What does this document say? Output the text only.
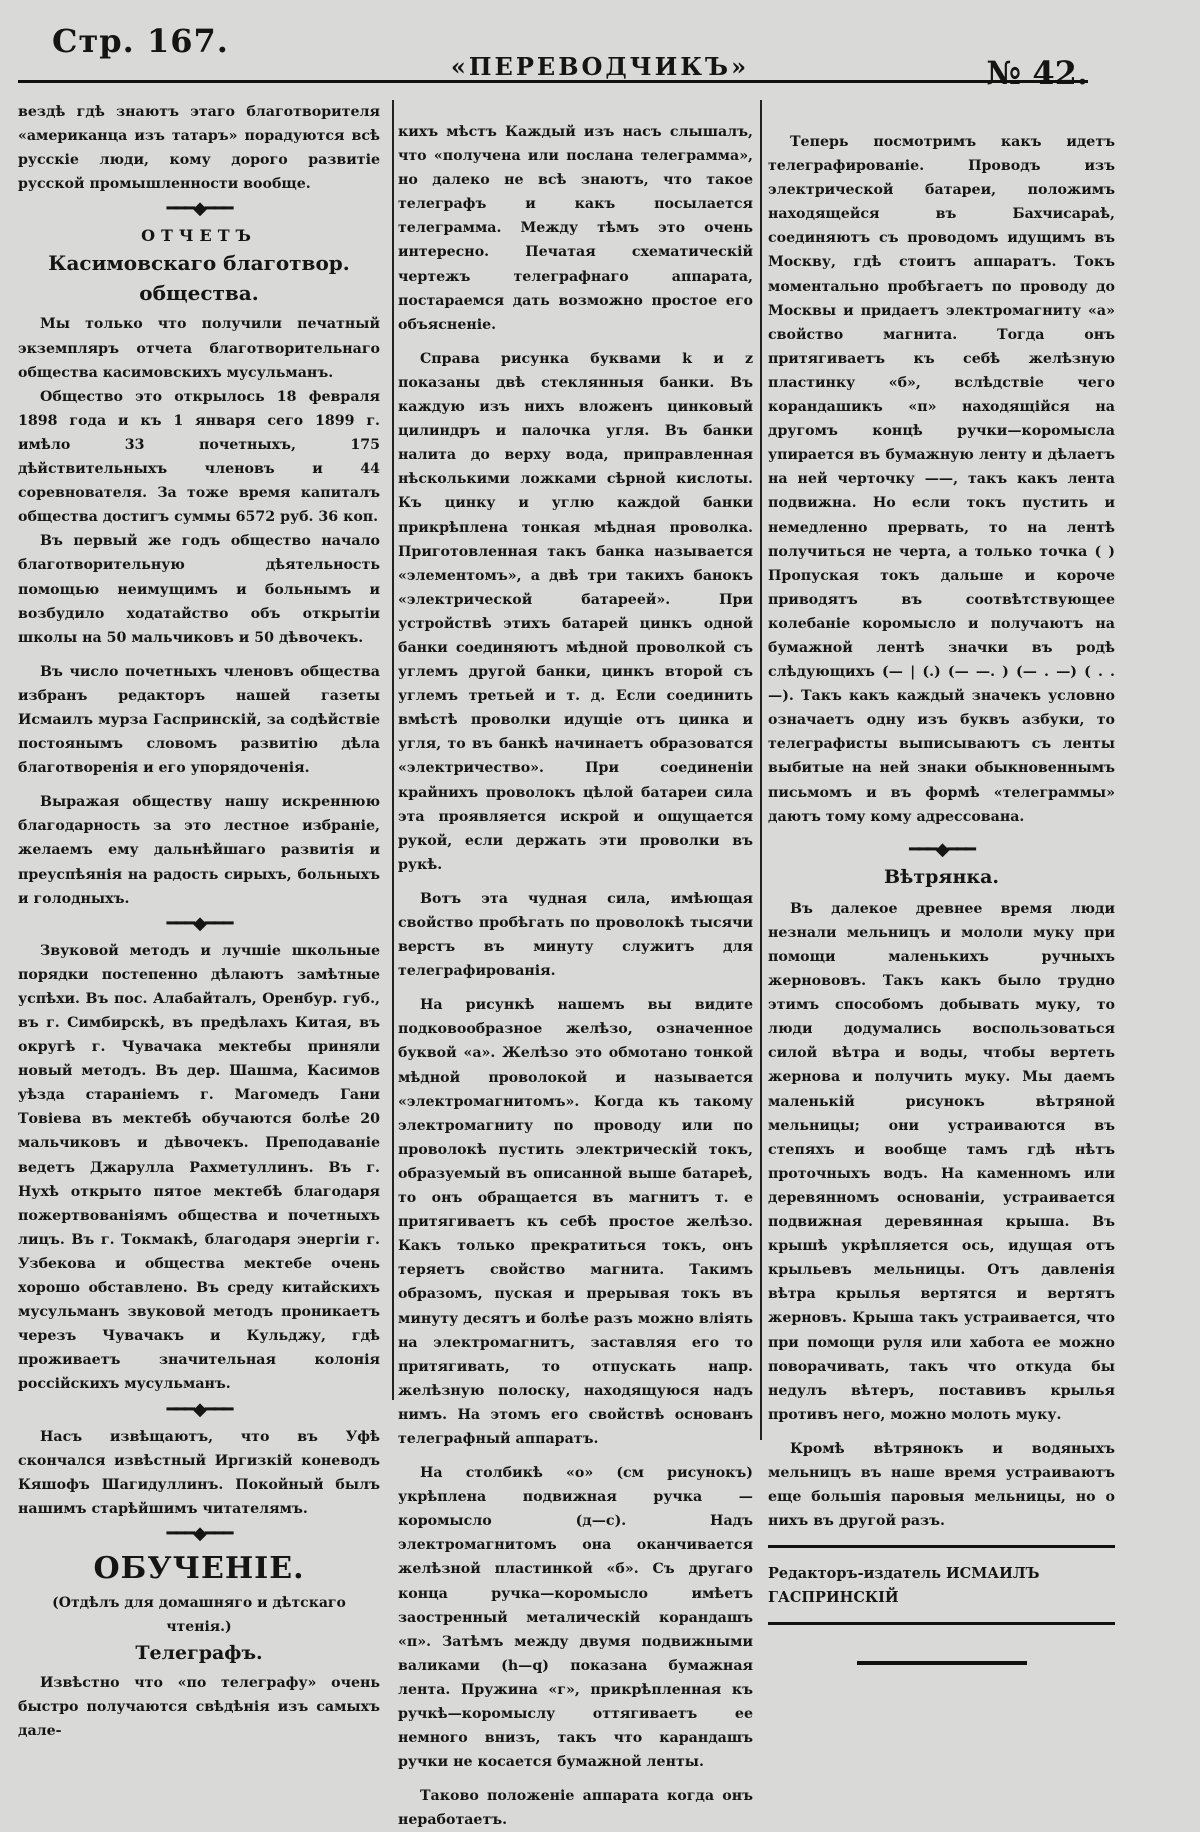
Стр. 167.
«ПЕРЕВОДЧИКЪ»	№ 42.

вездѣ гдѣ знаютъ этаго благотворителя «американца изъ татаръ» порадуются всѣ русскіе люди, кому дорого развитіе русской промышленности вообще.

━━━◆━━━
ОТЧЕТЪ
Касимовскаго благотвор. общества.

Мы только что получили печатный экземпляръ отчета благотворительнаго общества касимовскихъ мусульманъ.

Общество это открылось 18 февраля 1898 года и къ 1 января сего 1899 г. имѣло 33 почетныхъ, 175 дѣйствительныхъ членовъ и 44 соревнователя. За тоже время капиталъ общества достигъ суммы 6572 руб. 36 коп.

Въ первый же годъ общество начало благотворительную дѣятельность помощью неимущимъ и больнымъ и возбудило ходатайство объ открытіи школы на 50 мальчиковъ и 50 дѣвочекъ.

Въ число почетныхъ членовъ общества избранъ редакторъ нашей газеты Исмаилъ мурза Гаспринскій, за содѣйствіе постоянымъ словомъ развитію дѣла благотворенія и его упорядоченія.

Выражая обществу нашу искреннюю благодарность за это лестное избраніе, желаемъ ему дальнѣйшаго развитія и преуспѣянія на радость сирыхъ, больныхъ и голодныхъ.

━━━◆━━━

Звуковой методъ и лучшіе школьные порядки постепенно дѣлаютъ замѣтные успѣхи. Въ пос. Алабайталъ, Оренбур. губ., въ г. Симбирскѣ, въ предѣлахъ Китая, въ округѣ г. Чувачака мектебы приняли новый методъ. Въ дер. Шашма, Касимов уѣзда стараніемъ г. Магомедъ Гани Товіева въ мектебѣ обучаются болѣе 20 мальчиковъ и дѣвочекъ. Преподаваніе ведетъ Джарулла Рахметуллинъ. Въ г. Нухѣ открыто пятое мектебѣ благодаря пожертвованіямъ общества и почетныхъ лицъ. Въ г. Токмакѣ, благодаря энергіи г. Узбекова и общества мектебе очень хорошо обставлено. Въ среду китайскихъ мусульманъ звуковой методъ проникаетъ черезъ Чувачакъ и Кульджу, гдѣ проживаетъ значительная колонія россійскихъ мусульманъ.

━━━◆━━━

Насъ извѣщаютъ, что въ Уфѣ скончался извѣстный Иргизкій коневодъ Кяшофъ Шагидуллинъ. Покойный былъ нашимъ старѣйшимъ читателямъ.

━━━◆━━━
ОБУЧЕНІЕ.
(Отдѣлъ для домашняго и дѣтскаго чтенія.)
Телеграфъ.

Извѣстно что «по телеграфу» очень быстро получаются свѣдѣнія изъ самыхъ дале-

кихъ мѣстъ Каждый изъ насъ слышалъ, что «получена или послана телеграмма», но далеко не всѣ знаютъ, что такое телеграфъ и какъ посылается телеграмма. Между тѣмъ это очень интересно. Печатая схематическій чертежъ телеграфнаго аппарата, постараемся дать возможно простое его объясненіе.

Справа рисунка буквами k и z показаны двѣ стеклянныя банки. Въ каждую изъ нихъ вложенъ цинковый цилиндръ и палочка угля. Въ банки налита до верху вода, приправленная нѣсколькими ложками сѣрной кислоты. Къ цинку и углю каждой банки прикрѣплена тонкая мѣдная проволка. Приготовленная такъ банка называется «элементомъ», а двѣ три такихъ банокъ «электрической батареей». При устройствѣ этихъ батарей цинкъ одной банки соединяютъ мѣдной проволкой съ углемъ другой банки, цинкъ второй съ углемъ третьей и т. д. Если соединить вмѣстѣ проволки идущіе отъ цинка и угля, то въ банкѣ начинаетъ образоватся «электричество». При соединеніи крайнихъ проволокъ цѣлой батареи сила эта проявляется искрой и ощущается рукой, если держать эти проволки въ рукѣ.

Вотъ эта чудная сила, имѣющая свойство пробѣгать по проволокѣ тысячи верстъ въ минуту служитъ для телеграфированія.

На рисункѣ нашемъ вы видите подковообразное желѣзо, означенное буквой «а». Желѣзо это обмотано тонкой мѣдной проволокой и называется «электромагнитомъ». Когда къ такому электромагниту по проводу или по проволокѣ пустить электрическій токъ, образуемый въ описанной выше батареѣ, то онъ обращается въ магнитъ т. е притягиваетъ къ себѣ простое желѣзо. Какъ только прекратиться токъ, онъ теряетъ свойство магнита. Такимъ образомъ, пуская и прерывая токъ въ минуту десятъ и болѣе разъ можно вліять на электромагнитъ, заставляя его то притягивать, то отпускать напр. желѣзную полоску, находящуюся надъ нимъ. На этомъ его свойствѣ основанъ телеграфный аппаратъ.

На столбикѣ «о» (см рисунокъ) укрѣплена подвижная ручка — коромысло (д—с). Надъ электромагнитомъ она оканчивается желѣзной пластинкой «б». Съ другаго конца ручка—коромысло имѣетъ заостренный металическій корандашъ «п». Затѣмъ между двумя подвижными валиками (h—q) показана бумажная лента. Пружина «г», прикрѣпленная къ ручкѣ—коромыслу оттягиваетъ ее немного внизъ, такъ что карандашъ ручки не косается бумажной ленты.

Таково положеніе аппарата когда онъ неработаетъ.

Теперь посмотримъ какъ идетъ телеграфированіе. Проводъ изъ электрической батареи, положимъ находящейся въ Бахчисараѣ, соединяютъ съ проводомъ идущимъ въ Москву, гдѣ стоитъ аппаратъ. Токъ моментально пробѣгаетъ по проводу до Москвы и придаетъ электромагниту «а» свойство магнита. Тогда онъ притягиваетъ къ себѣ желѣзную пластинку «б», вслѣдствіе чего корандашикъ «п» находящійся на другомъ концѣ ручки—коромысла упирается въ бумажную ленту и дѣлаетъ на ней черточку ——, такъ какъ лента подвижна. Но если токъ пустить и немедленно прервать, то на лентѣ получиться не черта, а только точка ( ) Пропуская токъ дальше и короче приводятъ въ соотвѣтствующее колебаніе коромысло и получаютъ на бумажной лентѣ значки въ родѣ слѣдующихъ (— | (.) (— —. ) (— . —) ( . . —). Такъ какъ каждый значекъ условно означаетъ одну изъ буквъ азбуки, то телеграфисты выписываютъ съ ленты выбитые на ней знаки обыкновеннымъ письмомъ и въ формѣ «телеграммы» даютъ тому кому адрессована.

━━━◆━━━
Вѣтрянка.

Въ далекое древнее время люди незнали мельницъ и мололи муку при помощи маленькихъ ручныхъ жернововъ. Такъ какъ было трудно этимъ способомъ добывать муку, то люди додумались воспользоваться силой вѣтра и воды, чтобы вертеть жернова и получить муку. Мы даемъ маленькій рисунокъ вѣтряной мельницы; они устраиваются въ степяхъ и вообще тамъ гдѣ нѣтъ проточныхъ водъ. На каменномъ или деревянномъ основаніи, устраивается подвижная деревянная крыша. Въ крышѣ укрѣпляется ось, идущая отъ крыльевъ мельницы. Отъ давленія вѣтра крылья вертятся и вертятъ жерновъ. Крыша такъ устраивается, что при помощи руля или хабота ее можно поворачивать, такъ что откуда бы недулъ вѣтеръ, поставивъ крылья противъ него, можно молоть муку.

Кромѣ вѣтрянокъ и водяныхъ мельницъ въ наше время устраиваютъ еще большія паровыя мельницы, но о нихъ въ другой разъ.

Редакторъ-издатель ИСМАИЛЪ ГАСПРИНСКІЙ
